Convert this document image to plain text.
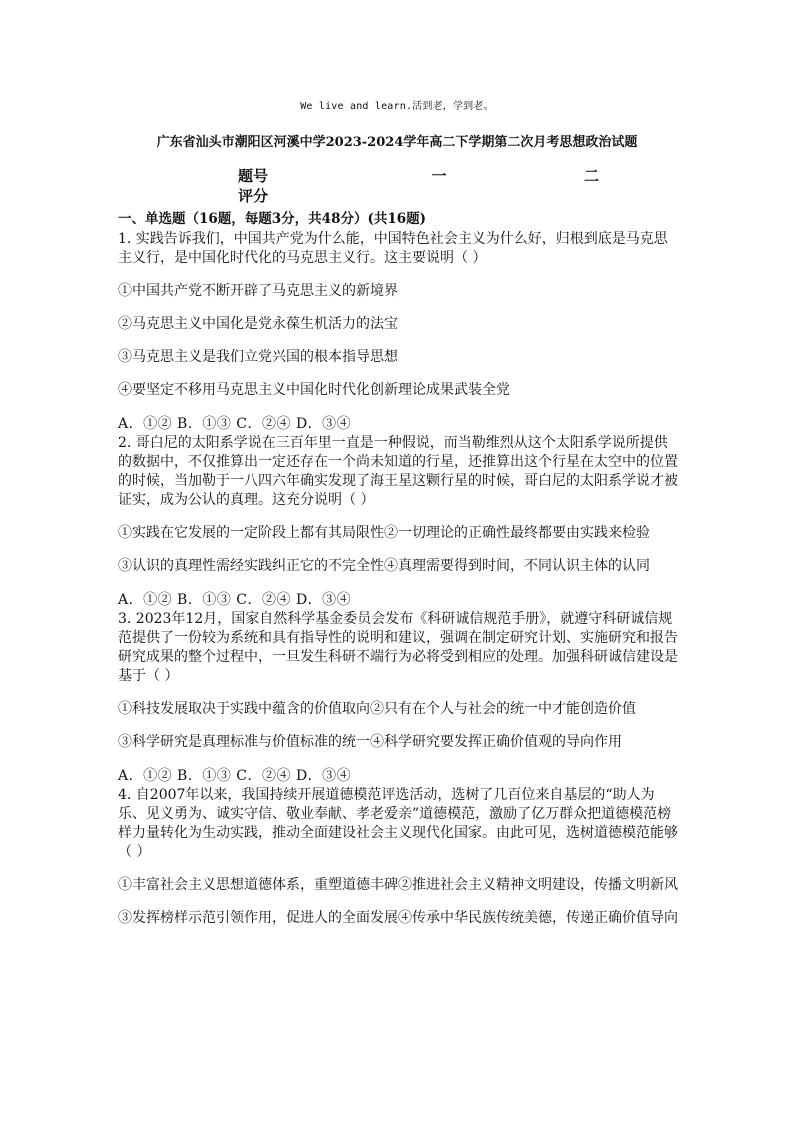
We live and learn.活到老，学到老。
广东省汕头市潮阳区河溪中学2023-2024学年高二下学期第二次月考思想政治试题
题号	一	二
评分
一、单选题（16题，每题3分，共48分）(共16题)

1. 实践告诉我们，中国共产党为什么能，中国特色社会主义为什么好，归根到底是马克思主义行，是中国化时代化的马克思主义行。这主要说明（ ）

①中国共产党不断开辟了马克思主义的新境界

②马克思主义中国化是党永葆生机活力的法宝

③马克思主义是我们立党兴国的根本指导思想

④要坚定不移用马克思主义中国化时代化创新理论成果武装全党

A．①② B．①③ C．②④ D．③④

2. 哥白尼的太阳系学说在三百年里一直是一种假说，而当勒维烈从这个太阳系学说所提供的数据中，不仅推算出一定还存在一个尚未知道的行星，还推算出这个行星在太空中的位置的时候，当加勒于一八四六年确实发现了海王星这颗行星的时候，哥白尼的太阳系学说才被证实，成为公认的真理。这充分说明（ ）

①实践在它发展的一定阶段上都有其局限性②一切理论的正确性最终都要由实践来检验

③认识的真理性需经实践纠正它的不完全性④真理需要得到时间，不同认识主体的认同

A．①② B．①③ C．②④ D．③④

3. 2023年12月，国家自然科学基金委员会发布《科研诚信规范手册》，就遵守科研诚信规范提供了一份较为系统和具有指导性的说明和建议，强调在制定研究计划、实施研究和报告研究成果的整个过程中，一旦发生科研不端行为必将受到相应的处理。加强科研诚信建设是基于（ ）

①科技发展取决于实践中蕴含的价值取向②只有在个人与社会的统一中才能创造价值

③科学研究是真理标准与价值标准的统一④科学研究要发挥正确价值观的导向作用

A．①② B．①③ C．②④ D．③④

4. 自2007年以来，我国持续开展道德模范评选活动，选树了几百位来自基层的“助人为乐、见义勇为、诚实守信、敬业奉献、孝老爱亲”道德模范，激励了亿万群众把道德模范榜样力量转化为生动实践，推动全面建设社会主义现代化国家。由此可见，选树道德模范能够（ ）

①丰富社会主义思想道德体系，重塑道德丰碑②推进社会主义精神文明建设，传播文明新风

③发挥榜样示范引领作用，促进人的全面发展④传承中华民族传统美德，传递正确价值导向
